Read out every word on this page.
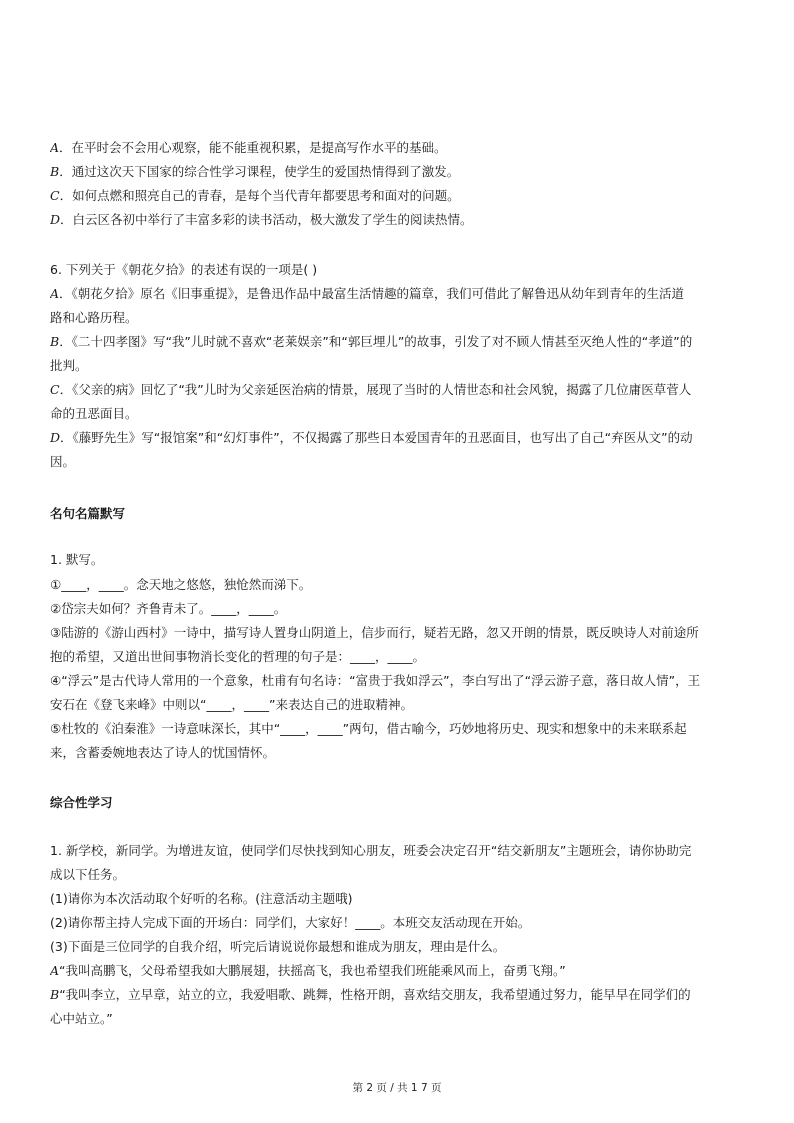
A．在平时会不会用心观察，能不能重视积累，是提高写作水平的基础。
B．通过这次天下国家的综合性学习课程，使学生的爱国热情得到了激发。
C．如何点燃和照亮自己的青春，是每个当代青年都要思考和面对的问题。
D．白云区各初中举行了丰富多彩的读书活动，极大激发了学生的阅读热情。
6. 下列关于《朝花夕拾》的表述有误的一项是( )
A．《朝花夕拾》原名《旧事重提》，是鲁迅作品中最富生活情趣的篇章，我们可借此了解鲁迅从幼年到青年的生活道
路和心路历程。
B．《二十四孝图》写“我”儿时就不喜欢“老莱娱亲”和“郭巨埋儿”的故事，引发了对不顾人情甚至灭绝人性的“孝道”的
批判。
C．《父亲的病》回忆了“我”儿时为父亲延医治病的情景，展现了当时的人情世态和社会风貌，揭露了几位庸医草菅人
命的丑恶面目。
D．《藤野先生》写“报馆案”和“幻灯事件”，不仅揭露了那些日本爱国青年的丑恶面目，也写出了自己“弃医从文”的动
因。
名句名篇默写
1. 默写。
①____，____。念天地之悠悠，独怆然而涕下。
②岱宗夫如何？齐鲁青未了。____，____。
③陆游的《游山西村》一诗中，描写诗人置身山阴道上，信步而行，疑若无路，忽又开朗的情景，既反映诗人对前途所
抱的希望，又道出世间事物消长变化的哲理的句子是：____，____。
④“浮云”是古代诗人常用的一个意象，杜甫有句名诗：“富贵于我如浮云”，李白写出了“浮云游子意，落日故人情”，王
安石在《登飞来峰》中则以“____，____”来表达自己的进取精神。
⑤杜牧的《泊秦淮》一诗意味深长，其中“____，____”两句，借古喻今，巧妙地将历史、现实和想象中的未来联系起
来，含蓄委婉地表达了诗人的忧国情怀。
综合性学习
1. 新学校，新同学。为增进友谊，使同学们尽快找到知心朋友，班委会决定召开“结交新朋友”主题班会，请你协助完
成以下任务。
(1)请你为本次活动取个好听的名称。(注意活动主题哦)
(2)请你帮主持人完成下面的开场白：同学们，大家好！____。本班交友活动现在开始。
(3)下面是三位同学的自我介绍，听完后请说说你最想和谁成为朋友，理由是什么。
A“我叫高鹏飞，父母希望我如大鹏展翅，扶摇高飞，我也希望我们班能乘风而上，奋勇飞翔。”
B“我叫李立，立早章，站立的立，我爱唱歌、跳舞，性格开朗，喜欢结交朋友，我希望通过努力，能早早在同学们的
心中站立。”
第 2 页 / 共 1 7 页
